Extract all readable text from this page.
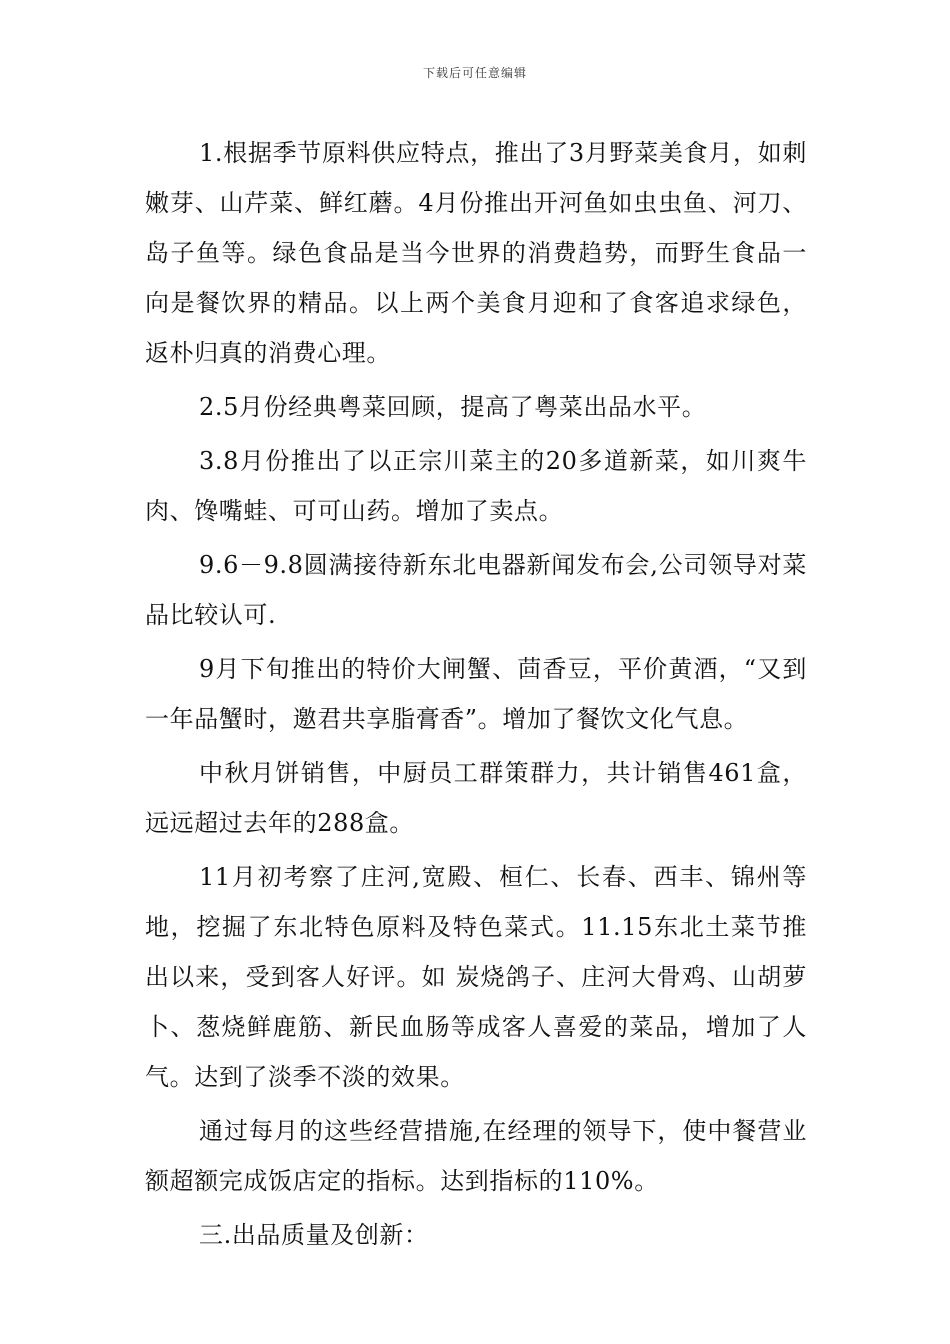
下载后可任意编辑

1.根据季节原料供应特点，推出了3月野菜美食月，如刺嫩芽、山芹菜、鲜红蘑。4月份推出开河鱼如虫虫鱼、河刀、岛子鱼等。绿色食品是当今世界的消费趋势，而野生食品一向是餐饮界的精品。以上两个美食月迎和了食客追求绿色，返朴归真的消费心理。

2.5月份经典粤菜回顾，提高了粤菜出品水平。

3.8月份推出了以正宗川菜主的20多道新菜，如川爽牛肉、馋嘴蛙、可可山药。增加了卖点。

9.6－9.8圆满接待新东北电器新闻发布会,公司领导对菜品比较认可.

9月下旬推出的特价大闸蟹、茴香豆，平价黄酒，“又到一年品蟹时，邀君共享脂膏香”。增加了餐饮文化气息。

中秋月饼销售，中厨员工群策群力，共计销售461盒，远远超过去年的288盒。

11月初考察了庄河,宽殿、桓仁、长春、西丰、锦州等地，挖掘了东北特色原料及特色菜式。11.15东北土菜节推出以来，受到客人好评。如 炭烧鸽子、庄河大骨鸡、山胡萝卜、葱烧鲜鹿筋、新民血肠等成客人喜爱的菜品，增加了人气。达到了淡季不淡的效果。

通过每月的这些经营措施,在经理的领导下，使中餐营业额超额完成饭店定的指标。达到指标的110%。

三.出品质量及创新：
